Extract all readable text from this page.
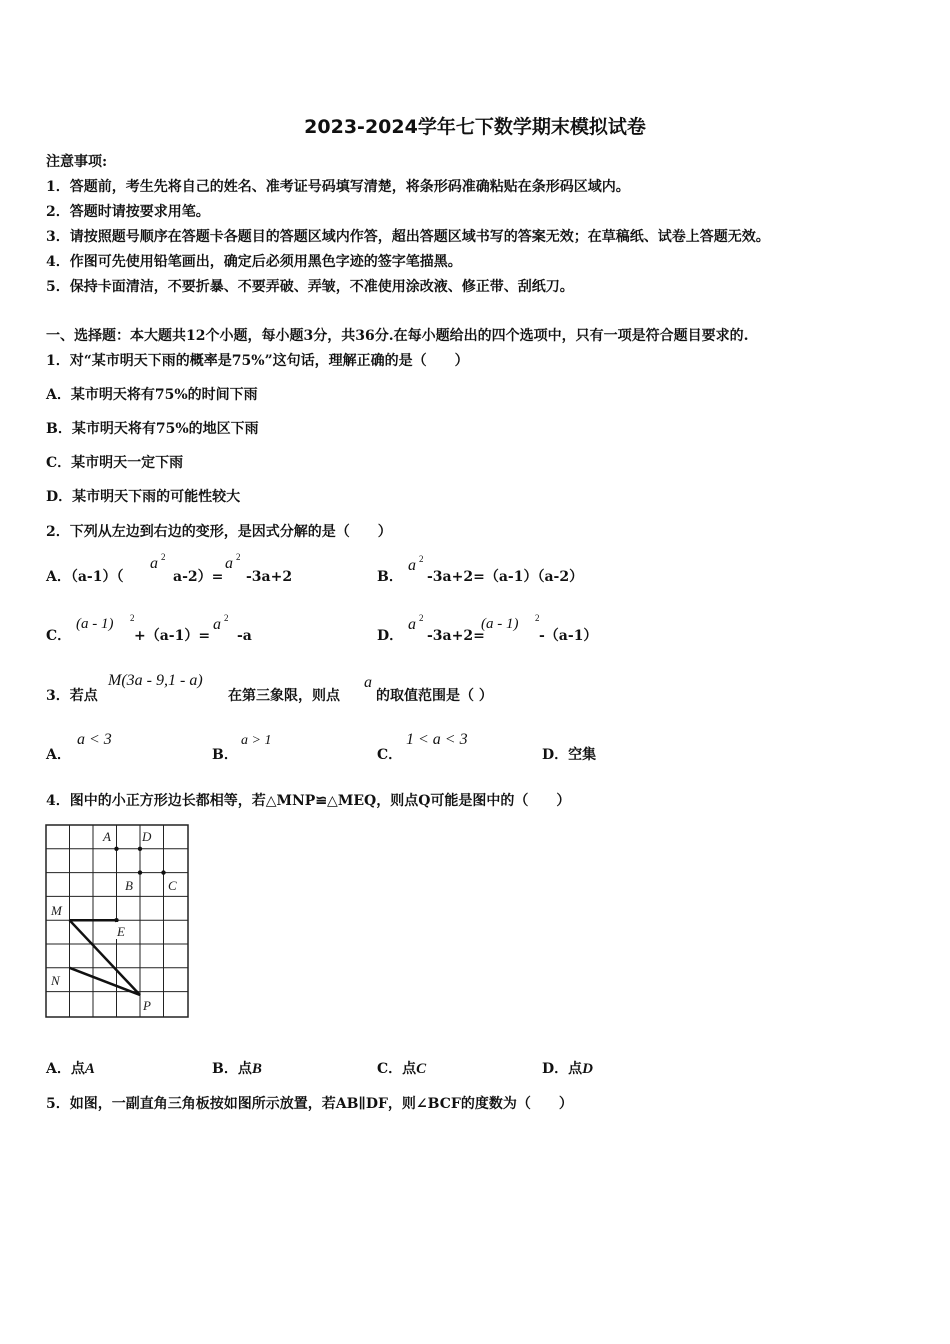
2023-2024学年七下数学期末模拟试卷
注意事项:
1．答题前，考生先将自己的姓名、准考证号码填写清楚，将条形码准确粘贴在条形码区域内。
2．答题时请按要求用笔。
3．请按照题号顺序在答题卡各题目的答题区域内作答，超出答题区域书写的答案无效；在草稿纸、试卷上答题无效。
4．作图可先使用铅笔画出，确定后必须用黑色字迹的签字笔描黑。
5．保持卡面清洁，不要折暴、不要弄破、弄皱，不准使用涂改液、修正带、刮纸刀。
一、选择题：本大题共12个小题，每小题3分，共36分.在每小题给出的四个选项中，只有一项是符合题目要求的.
1．对“某市明天下雨的概率是75%”这句话，理解正确的是（　　）
A．某市明天将有75%的时间下雨
B．某市明天将有75%的地区下雨
C．某市明天一定下雨
D．某市明天下雨的可能性较大
2．下列从左边到右边的变形，是因式分解的是（　　）
A．（a-1）（
a 2
a-2）=
a 2
-3a+2	B．
a 2
-3a+2=（a-1）（a-2）
C．
(a - 1) 2
+（a-1）=
a 2
-a	D．
a 2
-3a+2=
(a - 1) 2
-（a-1）
3．若点
M(3a - 9,1 - a)
在第三象限，则点
a
的取值范围是（ ）
A．
a < 3
B．
a > 1
C．
1 < a < 3
D．空集
4．图中的小正方形边长都相等，若△MNP≌△MEQ，则点Q可能是图中的（　　）
A D
B	C
M
E
N
P
A．点A	B．点B	C．点C	D．点D
5．如图，一副直角三角板按如图所示放置，若AB∥DF，则∠BCF的度数为（　　）
